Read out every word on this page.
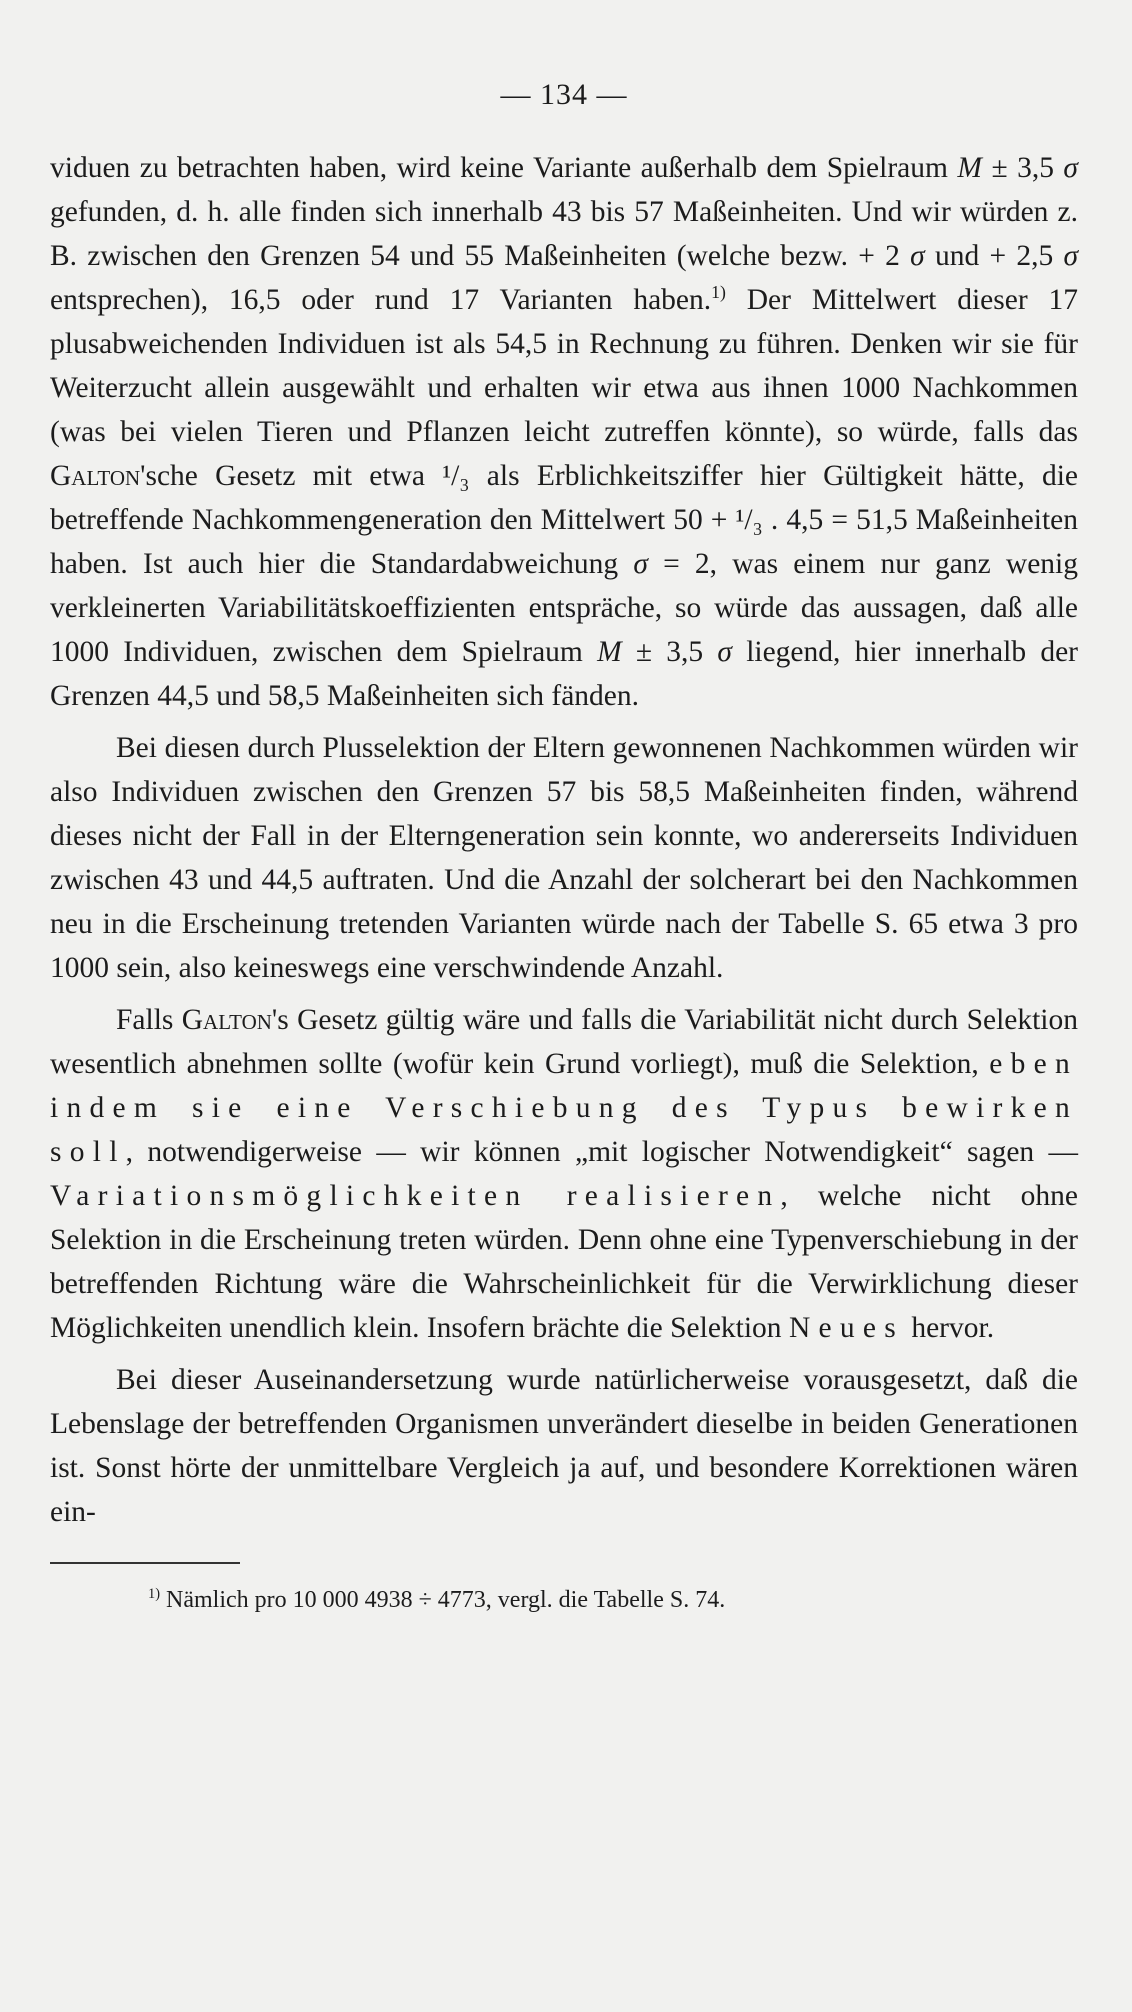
— 134 —

viduen zu betrachten haben, wird keine Variante außerhalb dem Spielraum M ± 3,5 σ gefunden, d. h. alle finden sich innerhalb 43 bis 57 Maßeinheiten. Und wir würden z. B. zwischen den Grenzen 54 und 55 Maßeinheiten (welche bezw. + 2 σ und + 2,5 σ entsprechen), 16,5 oder rund 17 Varianten haben.$^{1)}$ Der Mittelwert dieser 17 plusabweichenden Individuen ist als 54,5 in Rechnung zu führen. Denken wir sie für Weiterzucht allein ausgewählt und erhalten wir etwa aus ihnen 1000 Nachkommen (was bei vielen Tieren und Pflanzen leicht zutreffen könnte), so würde, falls das Galton'sche Gesetz mit etwa ¹/₃ als Erblichkeitsziffer hier Gültigkeit hätte, die betreffende Nachkommengeneration den Mittelwert 50 + ¹/₃ . 4,5 = 51,5 Maßeinheiten haben. Ist auch hier die Standardabweichung σ = 2, was einem nur ganz wenig verkleinerten Variabilitätskoeffizienten entspräche, so würde das aussagen, daß alle 1000 Individuen, zwischen dem Spielraum M ± 3,5 σ liegend, hier innerhalb der Grenzen 44,5 und 58,5 Maßeinheiten sich fänden.

Bei diesen durch Plusselektion der Eltern gewonnenen Nachkommen würden wir also Individuen zwischen den Grenzen 57 bis 58,5 Maßeinheiten finden, während dieses nicht der Fall in der Elterngeneration sein konnte, wo andererseits Individuen zwischen 43 und 44,5 auftraten. Und die Anzahl der solcherart bei den Nachkommen neu in die Erscheinung tretenden Varianten würde nach der Tabelle S. 65 etwa 3 pro 1000 sein, also keineswegs eine verschwindende Anzahl.

Falls Galton's Gesetz gültig wäre und falls die Variabilität nicht durch Selektion wesentlich abnehmen sollte (wofür kein Grund vorliegt), muß die Selektion, eben indem sie eine Verschiebung des Typus bewirken soll, notwendigerweise — wir können „mit logischer Notwendigkeit“ sagen — Variationsmöglichkeiten realisieren, welche nicht ohne Selektion in die Erscheinung treten würden. Denn ohne eine Typenverschiebung in der betreffenden Richtung wäre die Wahrscheinlichkeit für die Verwirklichung dieser Möglichkeiten unendlich klein. Insofern brächte die Selektion Neues hervor.

Bei dieser Auseinandersetzung wurde natürlicherweise vorausgesetzt, daß die Lebenslage der betreffenden Organismen unverändert dieselbe in beiden Generationen ist. Sonst hörte der unmittelbare Vergleich ja auf, und besondere Korrektionen wären ein-

$^{1)}$ Nämlich pro 10 000 4938 ÷ 4773, vergl. die Tabelle S. 74.
